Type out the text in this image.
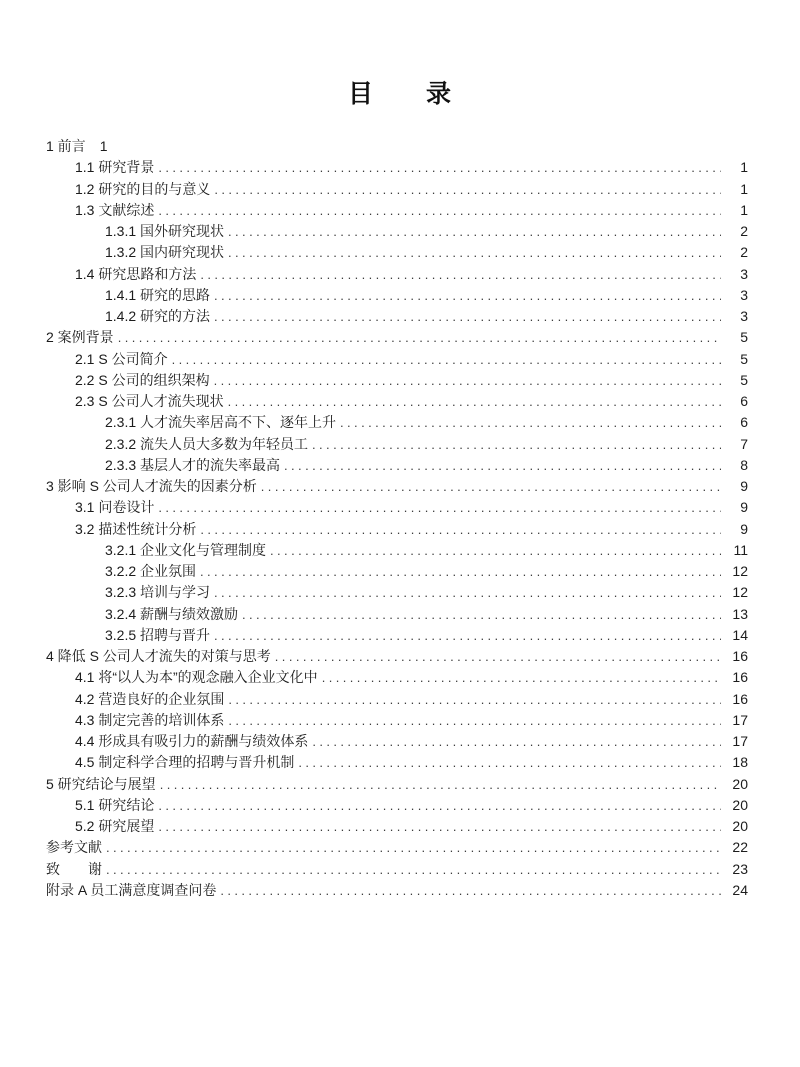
目　　录
1 前言 1
1.1 研究背景 .....	1
1.2 研究的目的与意义 .....	1
1.3 文献综述 .....	1
1.3.1 国外研究现状 .....	2
1.3.2 国内研究现状 .....	2
1.4 研究思路和方法 .....	3
1.4.1 研究的思路 .....	3
1.4.2 研究的方法 .....	3
2 案例背景 .....	5
2.1 S 公司简介 .....	5
2.2 S 公司的组织架构 .....	5
2.3 S 公司人才流失现状 .....	6
2.3.1 人才流失率居高不下、逐年上升 .....	6
2.3.2 流失人员大多数为年轻员工 .....	7
2.3.3 基层人才的流失率最高 .....	8
3 影响 S 公司人才流失的因素分析 .....	9
3.1 问卷设计 .....	9
3.2 描述性统计分析 .....	9
3.2.1 企业文化与管理制度 .....	11
3.2.2 企业氛围 .....	12
3.2.3 培训与学习 .....	12
3.2.4 薪酬与绩效激励 .....	13
3.2.5 招聘与晋升 .....	14
4 降低 S 公司人才流失的对策与思考 .....	16
4.1 将“以人为本”的观念融入企业文化中 .....	16
4.2 营造良好的企业氛围 .....	16
4.3 制定完善的培训体系 .....	17
4.4 形成具有吸引力的薪酬与绩效体系 .....	17
4.5 制定科学合理的招聘与晋升机制 .....	18
5 研究结论与展望 .....	20
5.1 研究结论 .....	20
5.2 研究展望 .....	20
参考文献 .....	22
致　　谢 .....	23
附录 A 员工满意度调查问卷 .....	24
